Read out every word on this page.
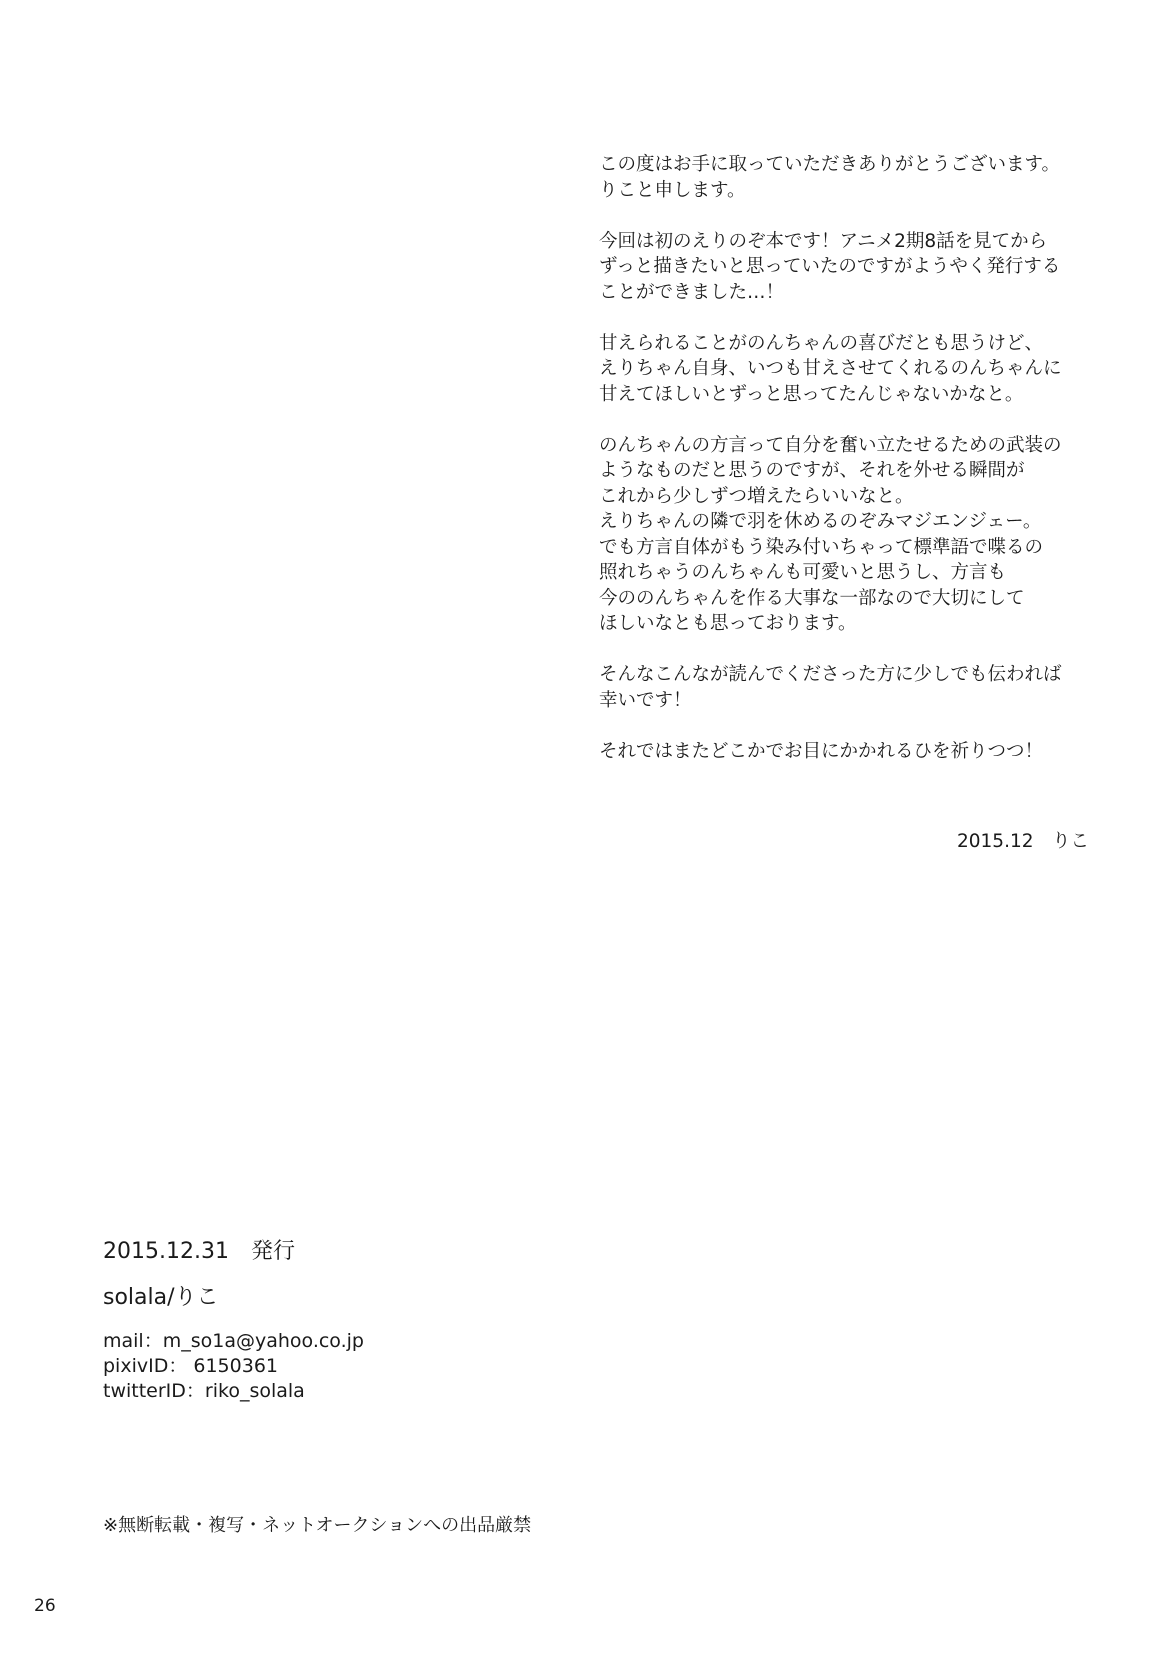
この度はお手に取っていただきありがとうございます。
りこと申します。

今回は初のえりのぞ本です！アニメ2期8話を見てから
ずっと描きたいと思っていたのですがようやく発行する
ことができました…！

甘えられることがのんちゃんの喜びだとも思うけど、
えりちゃん自身、いつも甘えさせてくれるのんちゃんに
甘えてほしいとずっと思ってたんじゃないかなと。

のんちゃんの方言って自分を奮い立たせるための武装の
ようなものだと思うのですが、それを外せる瞬間が
これから少しずつ増えたらいいなと。
えりちゃんの隣で羽を休めるのぞみマジエンジェー。
でも方言自体がもう染み付いちゃって標準語で喋るの
照れちゃうのんちゃんも可愛いと思うし、方言も
今ののんちゃんを作る大事な一部なので大切にして
ほしいなとも思っております。

そんなこんなが読んでくださった方に少しでも伝われば
幸いです！

それではまたどこかでお目にかかれるひを祈りつつ！

2015.12　りこ
2015.12.31　発行
solala/りこ
mail：m_so1a@yahoo.co.jp
pixivID： 6150361
twitterID：riko_solala
※無断転載・複写・ネットオークションへの出品厳禁
26
